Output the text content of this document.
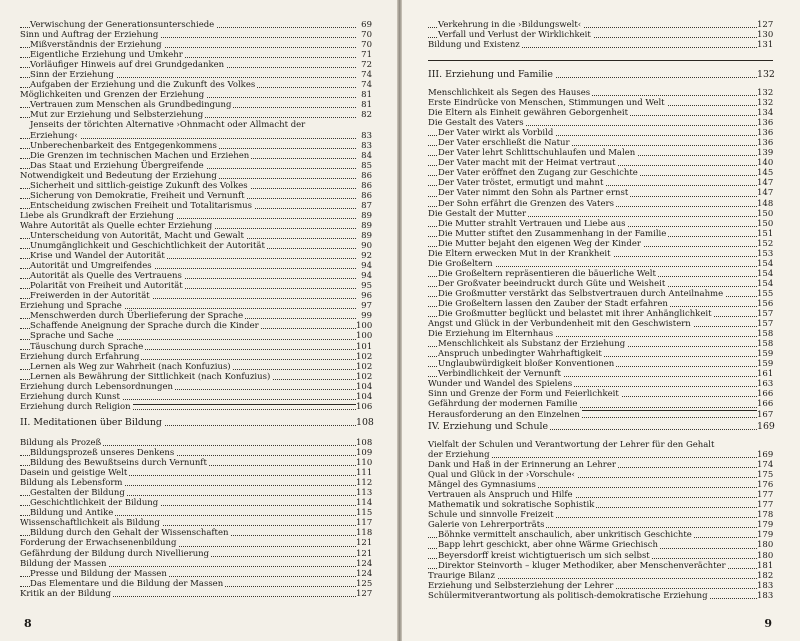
Verwischung der Generationsunterschiede	69
Sinn und Auftrag der Erziehung	70
Mißverständnis der Erziehung	70
Eigentliche Erziehung und Umkehr	71
Vorläufiger Hinweis auf drei Grundgedanken	72
Sinn der Erziehung	74
Aufgaben der Erziehung und die Zukunft des Volkes	74
Möglichkeiten und Grenzen der Erziehung	81
Vertrauen zum Menschen als Grundbedingung	81
Mut zur Erziehung und Selbsterziehung	82
Jenseits der törichten Alternative ›Ohnmacht oder Allmacht der
Erziehung‹	83
Unberechenbarkeit des Entgegenkommens	83
Die Grenzen im technischen Machen und Erziehen	84
Das Staat und Erziehung Übergreifende	85
Notwendigkeit und Bedeutung der Erziehung	86
Sicherheit und sittlich-geistige Zukunft des Volkes	86
Sicherung von Demokratie, Freiheit und Vernunft	86
Entscheidung zwischen Freiheit und Totalitarismus	87
Liebe als Grundkraft der Erziehung	89
Wahre Autorität als Quelle echter Erziehung	89
Unterscheidung von Autorität, Macht und Gewalt	89
Unumgänglichkeit und Geschichtlichkeit der Autorität	90
Krise und Wandel der Autorität	92
Autorität und Umgreifendes	94
Autorität als Quelle des Vertrauens	94
Polarität von Freiheit und Autorität	95
Freiwerden in der Autorität	96
Erziehung und Sprache	97
Menschwerden durch Überlieferung der Sprache	99
Schaffende Aneignung der Sprache durch die Kinder	100
Sprache und Sache	100
Täuschung durch Sprache	101
Erziehung durch Erfahrung	102
Lernen als Weg zur Wahrheit (nach Konfuzius)	102
Lernen als Bewährung der Sittlichkeit (nach Konfuzius)	102
Erziehung durch Lebensordnungen	104
Erziehung durch Kunst	104
Erziehung durch Religion	106
II. Meditationen über Bildung	108
Bildung als Prozeß	108
Bildungsprozeß unseres Denkens	109
Bildung des Bewußtseins durch Vernunft	110
Dasein und geistige Welt	111
Bildung als Lebensform	112
Gestalten der Bildung	113
Geschichtlichkeit der Bildung	114
Bildung und Antike	115
Wissenschaftlichkeit als Bildung	117
Bildung durch den Gehalt der Wissenschaften	118
Forderung der Erwachsenenbildung	121
Gefährdung der Bildung durch Nivellierung	121
Bildung der Massen	124
Presse und Bildung der Massen	124
Das Elementare und die Bildung der Massen	125
Kritik an der Bildung	127
8
Verkehrung in die ›Bildungswelt‹	127
Verfall und Verlust der Wirklichkeit	130
Bildung und Existenz	131
III. Erziehung und Familie	132
Menschlichkeit als Segen des Hauses	132
Erste Eindrücke von Menschen, Stimmungen und Welt	132
Die Eltern als Einheit gewähren Geborgenheit	134
Die Gestalt des Vaters	136
Der Vater wirkt als Vorbild	136
Der Vater erschließt die Natur	136
Der Vater lehrt Schlittschuhlaufen und Malen	139
Der Vater macht mit der Heimat vertraut	140
Der Vater eröffnet den Zugang zur Geschichte	145
Der Vater tröstet, ermutigt und mahnt	147
Der Vater nimmt den Sohn als Partner ernst	147
Der Sohn erfährt die Grenzen des Vaters	148
Die Gestalt der Mutter	150
Die Mutter strahlt Vertrauen und Liebe aus	150
Die Mutter stiftet den Zusammenhang in der Familie	151
Die Mutter bejaht den eigenen Weg der Kinder	152
Die Eltern erwecken Mut in der Krankheit	153
Die Großeltern	154
Die Großeltern repräsentieren die bäuerliche Welt	154
Der Großvater beeindruckt durch Güte und Weisheit	154
Die Großmutter verstärkt das Selbstvertrauen durch Anteilnahme	155
Die Großeltern lassen den Zauber der Stadt erfahren	156
Die Großmutter beglückt und belastet mit ihrer Anhänglichkeit	157
Angst und Glück in der Verbundenheit mit den Geschwistern	157
Die Erziehung im Elternhaus	158
Menschlichkeit als Substanz der Erziehung	158
Anspruch unbedingter Wahrhaftigkeit	159
Unglaubwürdigkeit bloßer Konventionen	159
Verbindlichkeit der Vernunft	161
Wunder und Wandel des Spielens	163
Sinn und Grenze der Form und Feierlichkeit	166
Gefährdung der modernen Familie	166
Herausforderung an den Einzelnen	167
IV. Erziehung und Schule	169
Vielfalt der Schulen und Verantwortung der Lehrer für den Gehalt
der Erziehung	169
Dank und Haß in der Erinnerung an Lehrer	174
Qual und Glück in der ›Vorschule‹	175
Mängel des Gymnasiums	176
Vertrauen als Anspruch und Hilfe	177
Mathematik und sokratische Sophistik	177
Schule und sinnvolle Freizeit	178
Galerie von Lehrerporträts	179
Böhnke vermittelt anschaulich, aber unkritisch Geschichte	179
Bapp lehrt geschickt, aber ohne Wärme Griechisch	180
Beyersdorff kreist wichtigtuerisch um sich selbst	180
Direktor Steinvorth – kluger Methodiker, aber Menschenverächter	181
Traurige Bilanz	182
Erziehung und Selbsterziehung der Lehrer	183
Schülermitverantwortung als politisch-demokratische Erziehung	183
9
